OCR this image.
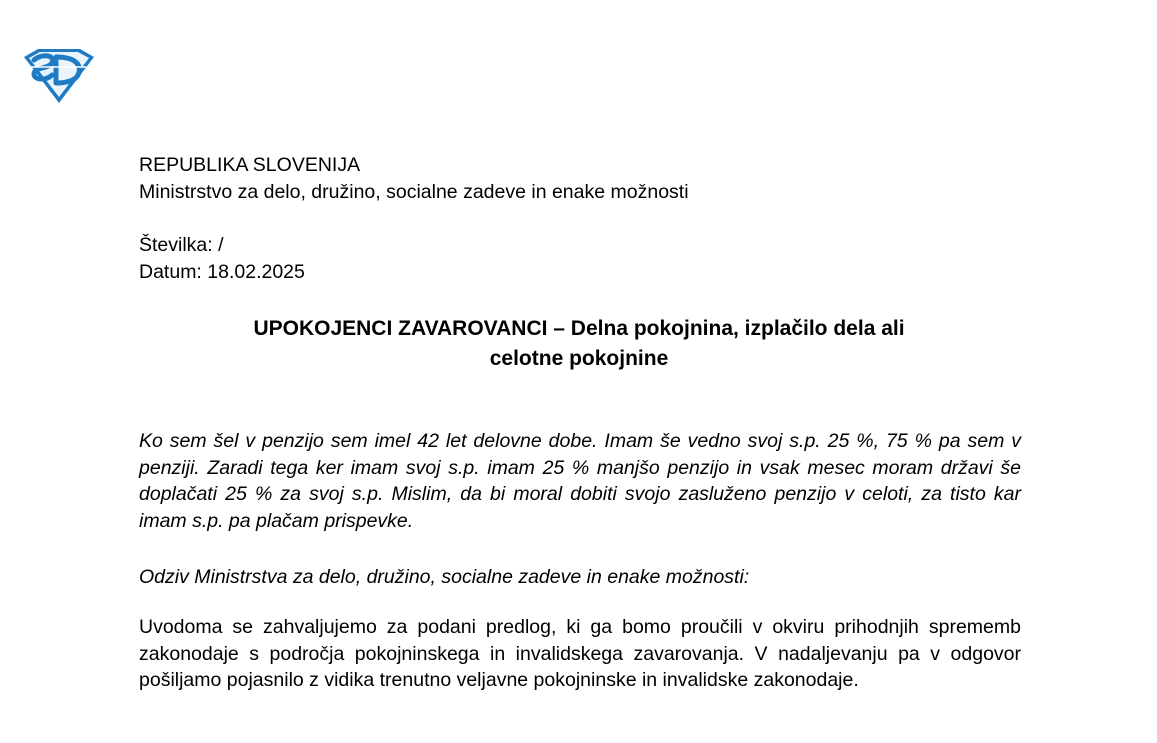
REPUBLIKA SLOVENIJA
Ministrstvo za delo, družino, socialne zadeve in enake možnosti
Številka: /
Datum: 18.02.2025
UPOKOJENCI ZAVAROVANCI – Delna pokojnina, izplačilo dela ali
celotne pokojnine

Ko sem šel v penzijo sem imel 42 let delovne dobe. Imam še vedno svoj s.p. 25 %, 75 % pa sem v penziji. Zaradi tega ker imam svoj s.p. imam 25 % manjšo penzijo in vsak mesec moram državi še doplačati 25 % za svoj s.p. Mislim, da bi moral dobiti svojo zasluženo penzijo v celoti, za tisto kar imam s.p. pa plačam prispevke.

Odziv Ministrstva za delo, družino, socialne zadeve in enake možnosti:

Uvodoma se zahvaljujemo za podani predlog, ki ga bomo proučili v okviru prihodnjih sprememb zakonodaje s področja pokojninskega in invalidskega zavarovanja. V nadaljevanju pa v odgovor pošiljamo pojasnilo z vidika trenutno veljavne pokojninske in invalidske zakonodaje.
